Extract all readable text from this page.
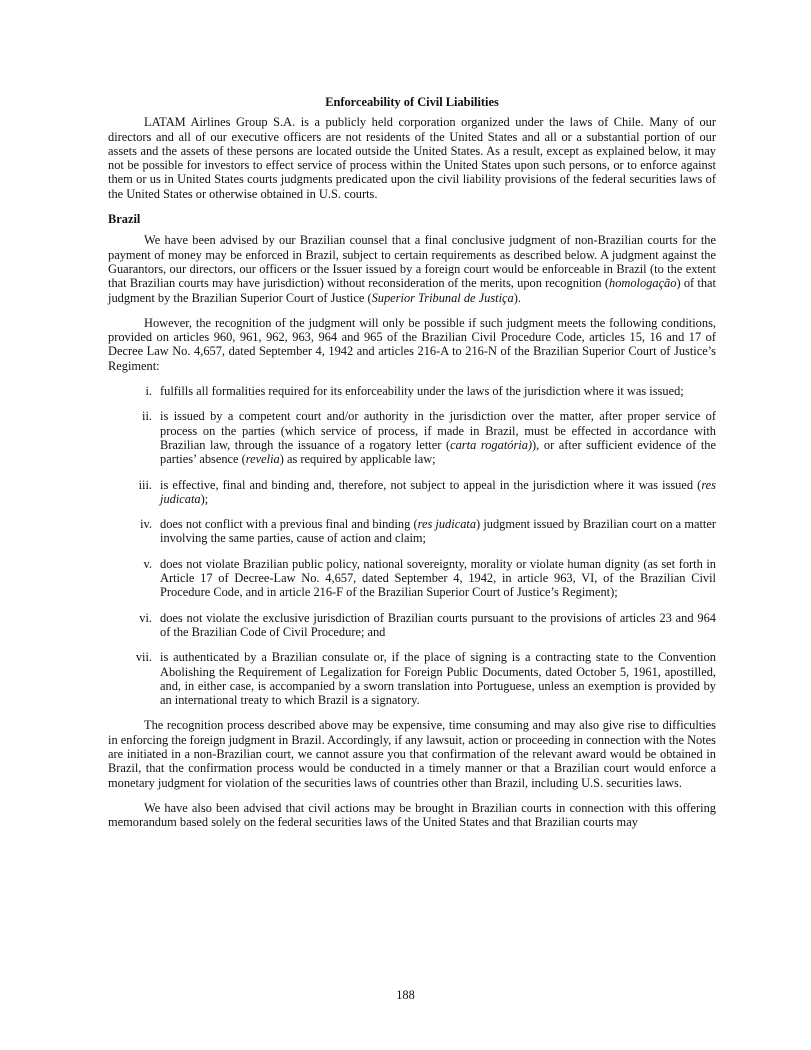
Enforceability of Civil Liabilities

LATAM Airlines Group S.A. is a publicly held corporation organized under the laws of Chile. Many of our directors and all of our executive officers are not residents of the United States and all or a substantial portion of our assets and the assets of these persons are located outside the United States. As a result, except as explained below, it may not be possible for investors to effect service of process within the United States upon such persons, or to enforce against them or us in United States courts judgments predicated upon the civil liability provisions of the federal securities laws of the United States or otherwise obtained in U.S. courts.

Brazil

We have been advised by our Brazilian counsel that a final conclusive judgment of non-Brazilian courts for the payment of money may be enforced in Brazil, subject to certain requirements as described below. A judgment against the Guarantors, our directors, our officers or the Issuer issued by a foreign court would be enforceable in Brazil (to the extent that Brazilian courts may have jurisdiction) without reconsideration of the merits, upon recognition (homologação) of that judgment by the Brazilian Superior Court of Justice (Superior Tribunal de Justiça).

However, the recognition of the judgment will only be possible if such judgment meets the following conditions, provided on articles 960, 961, 962, 963, 964 and 965 of the Brazilian Civil Procedure Code, articles 15, 16 and 17 of Decree Law No. 4,657, dated September 4, 1942 and articles 216-A to 216-N of the Brazilian Superior Court of Justice’s Regiment:

i. fulfills all formalities required for its enforceability under the laws of the jurisdiction where it was issued;
ii. is issued by a competent court and/or authority in the jurisdiction over the matter, after proper service of process on the parties (which service of process, if made in Brazil, must be effected in accordance with Brazilian law, through the issuance of a rogatory letter (carta rogatória)), or after sufficient evidence of the parties’ absence (revelia) as required by applicable law;
iii. is effective, final and binding and, therefore, not subject to appeal in the jurisdiction where it was issued (res judicata);
iv. does not conflict with a previous final and binding (res judicata) judgment issued by Brazilian court on a matter involving the same parties, cause of action and claim;
v. does not violate Brazilian public policy, national sovereignty, morality or violate human dignity (as set forth in Article 17 of Decree-Law No. 4,657, dated September 4, 1942, in article 963, VI, of the Brazilian Civil Procedure Code, and in article 216-F of the Brazilian Superior Court of Justice’s Regiment);
vi. does not violate the exclusive jurisdiction of Brazilian courts pursuant to the provisions of articles 23 and 964 of the Brazilian Code of Civil Procedure; and
vii. is authenticated by a Brazilian consulate or, if the place of signing is a contracting state to the Convention Abolishing the Requirement of Legalization for Foreign Public Documents, dated October 5, 1961, apostilled, and, in either case, is accompanied by a sworn translation into Portuguese, unless an exemption is provided by an international treaty to which Brazil is a signatory.

The recognition process described above may be expensive, time consuming and may also give rise to difficulties in enforcing the foreign judgment in Brazil. Accordingly, if any lawsuit, action or proceeding in connection with the Notes are initiated in a non-Brazilian court, we cannot assure you that confirmation of the relevant award would be obtained in Brazil, that the confirmation process would be conducted in a timely manner or that a Brazilian court would enforce a monetary judgment for violation of the securities laws of countries other than Brazil, including U.S. securities laws.

We have also been advised that civil actions may be brought in Brazilian courts in connection with this offering memorandum based solely on the federal securities laws of the United States and that Brazilian courts may

188
